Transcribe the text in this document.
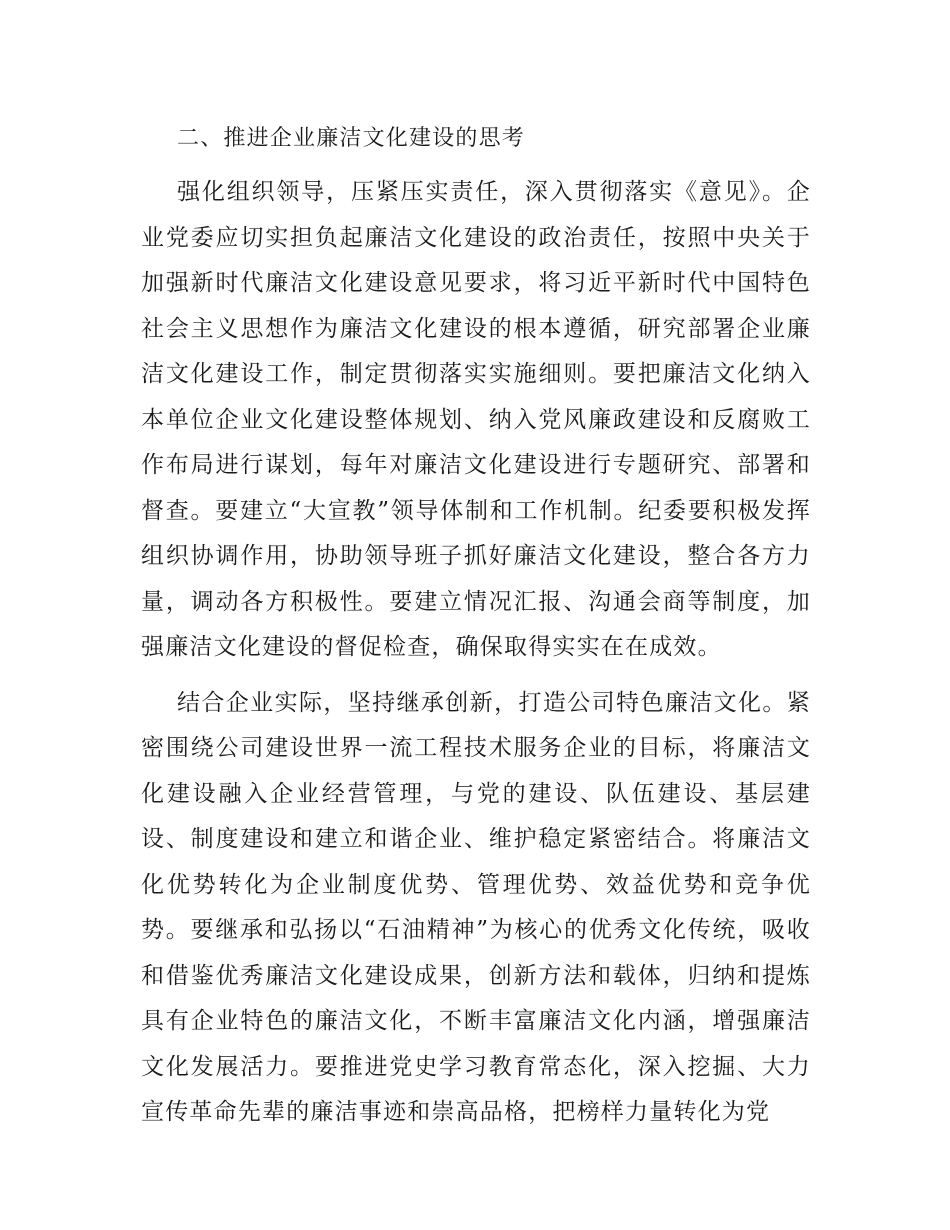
二、推进企业廉洁文化建设的思考

强化组织领导，压紧压实责任，深入贯彻落实《意见》。企业党委应切实担负起廉洁文化建设的政治责任，按照中央关于加强新时代廉洁文化建设意见要求，将习近平新时代中国特色社会主义思想作为廉洁文化建设的根本遵循，研究部署企业廉洁文化建设工作，制定贯彻落实实施细则。要把廉洁文化纳入本单位企业文化建设整体规划、纳入党风廉政建设和反腐败工作布局进行谋划，每年对廉洁文化建设进行专题研究、部署和督查。要建立“大宣教”领导体制和工作机制。纪委要积极发挥组织协调作用，协助领导班子抓好廉洁文化建设，整合各方力量，调动各方积极性。要建立情况汇报、沟通会商等制度，加强廉洁文化建设的督促检查，确保取得实实在在成效。

结合企业实际，坚持继承创新，打造公司特色廉洁文化。紧密围绕公司建设世界一流工程技术服务企业的目标，将廉洁文化建设融入企业经营管理，与党的建设、队伍建设、基层建设、制度建设和建立和谐企业、维护稳定紧密结合。将廉洁文化优势转化为企业制度优势、管理优势、效益优势和竞争优势。要继承和弘扬以“石油精神”为核心的优秀文化传统，吸收和借鉴优秀廉洁文化建设成果，创新方法和载体，归纳和提炼具有企业特色的廉洁文化，不断丰富廉洁文化内涵，增强廉洁文化发展活力。要推进党史学习教育常态化，深入挖掘、大力宣传革命先辈的廉洁事迹和崇高品格，把榜样力量转化为党
